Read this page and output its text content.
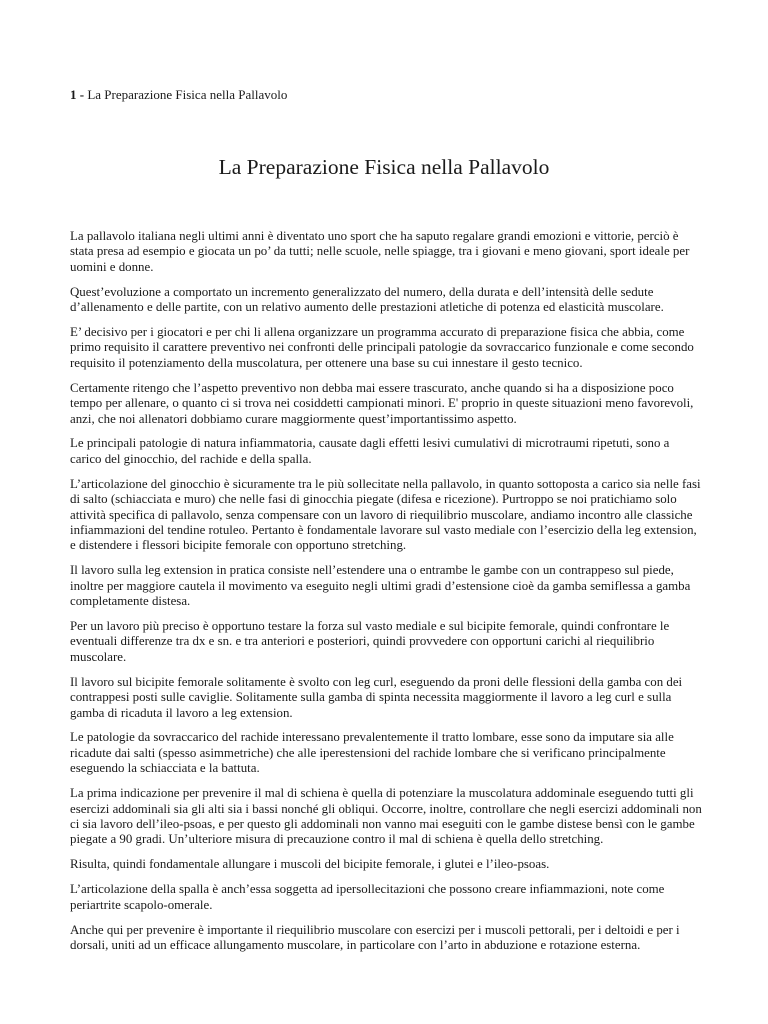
1 - La Preparazione Fisica nella Pallavolo
La Preparazione Fisica nella Pallavolo

La pallavolo italiana negli ultimi anni è diventato uno sport che ha saputo regalare grandi emozioni e vittorie, perciò è stata presa ad esempio e giocata un po’ da tutti; nelle scuole, nelle spiagge, tra i giovani e meno giovani, sport ideale per uomini e donne.

Quest’evoluzione a comportato un incremento generalizzato del numero, della durata e dell’intensità delle sedute d’allenamento e delle partite, con un relativo aumento delle prestazioni atletiche di potenza ed elasticità muscolare.

E’ decisivo per i giocatori e per chi li allena organizzare un programma accurato di preparazione fisica che abbia, come primo requisito il carattere preventivo nei confronti delle principali patologie da sovraccarico funzionale e come secondo requisito il potenziamento della muscolatura, per ottenere una base su cui innestare il gesto tecnico.

Certamente ritengo che l’aspetto preventivo non debba mai essere trascurato, anche quando si ha a disposizione poco tempo per allenare, o quanto ci si trova nei cosiddetti campionati minori. E' proprio in queste situazioni meno favorevoli, anzi, che noi allenatori dobbiamo curare maggiormente quest’importantissimo aspetto.

Le principali patologie di natura infiammatoria, causate dagli effetti lesivi cumulativi di microtraumi ripetuti, sono a carico del ginocchio, del rachide e della spalla.

L’articolazione del ginocchio è sicuramente tra le più sollecitate nella pallavolo, in quanto sottoposta a carico sia nelle fasi di salto (schiacciata e muro) che nelle fasi di ginocchia piegate (difesa e ricezione). Purtroppo se noi pratichiamo solo attività specifica di pallavolo, senza compensare con un lavoro di riequilibrio muscolare, andiamo incontro alle classiche infiammazioni del tendine rotuleo. Pertanto è fondamentale lavorare sul vasto mediale con l’esercizio della leg extension, e distendere i flessori bicipite femorale con opportuno stretching.

Il lavoro sulla leg extension in pratica consiste nell’estendere una o entrambe le gambe con un contrappeso sul piede, inoltre per maggiore cautela il movimento va eseguito negli ultimi gradi d’estensione cioè da gamba semiflessa a gamba completamente distesa.

Per un lavoro più preciso è opportuno testare la forza sul vasto mediale e sul bicipite femorale, quindi confrontare le eventuali differenze tra dx e sn. e tra anteriori e posteriori, quindi provvedere con opportuni carichi al riequilibrio muscolare.

Il lavoro sul bicipite femorale solitamente è svolto con leg curl, eseguendo da proni delle flessioni della gamba con dei contrappesi posti sulle caviglie. Solitamente sulla gamba di spinta necessita maggiormente il lavoro a leg curl e sulla gamba di ricaduta il lavoro a leg extension.

Le patologie da sovraccarico del rachide interessano prevalentemente il tratto lombare, esse sono da imputare sia alle ricadute dai salti (spesso asimmetriche) che alle iperestensioni del rachide lombare che si verificano principalmente eseguendo la schiacciata e la battuta.

La prima indicazione per prevenire il mal di schiena è quella di potenziare la muscolatura addominale eseguendo tutti gli esercizi addominali sia gli alti sia i bassi nonché gli obliqui. Occorre, inoltre, controllare che negli esercizi addominali non ci sia lavoro dell’ileo-psoas, e per questo gli addominali non vanno mai eseguiti con le gambe distese bensì con le gambe piegate a 90 gradi. Un’ulteriore misura di precauzione contro il mal di schiena è quella dello stretching.

Risulta, quindi fondamentale allungare i muscoli del bicipite femorale, i glutei e l’ileo-psoas.

L’articolazione della spalla è anch’essa soggetta ad ipersollecitazioni che possono creare infiammazioni, note come periartrite scapolo-omerale.

Anche qui per prevenire è importante il riequilibrio muscolare con esercizi per i muscoli pettorali, per i deltoidi e per i dorsali, uniti ad un efficace allungamento muscolare, in particolare con l’arto in abduzione e rotazione esterna.
